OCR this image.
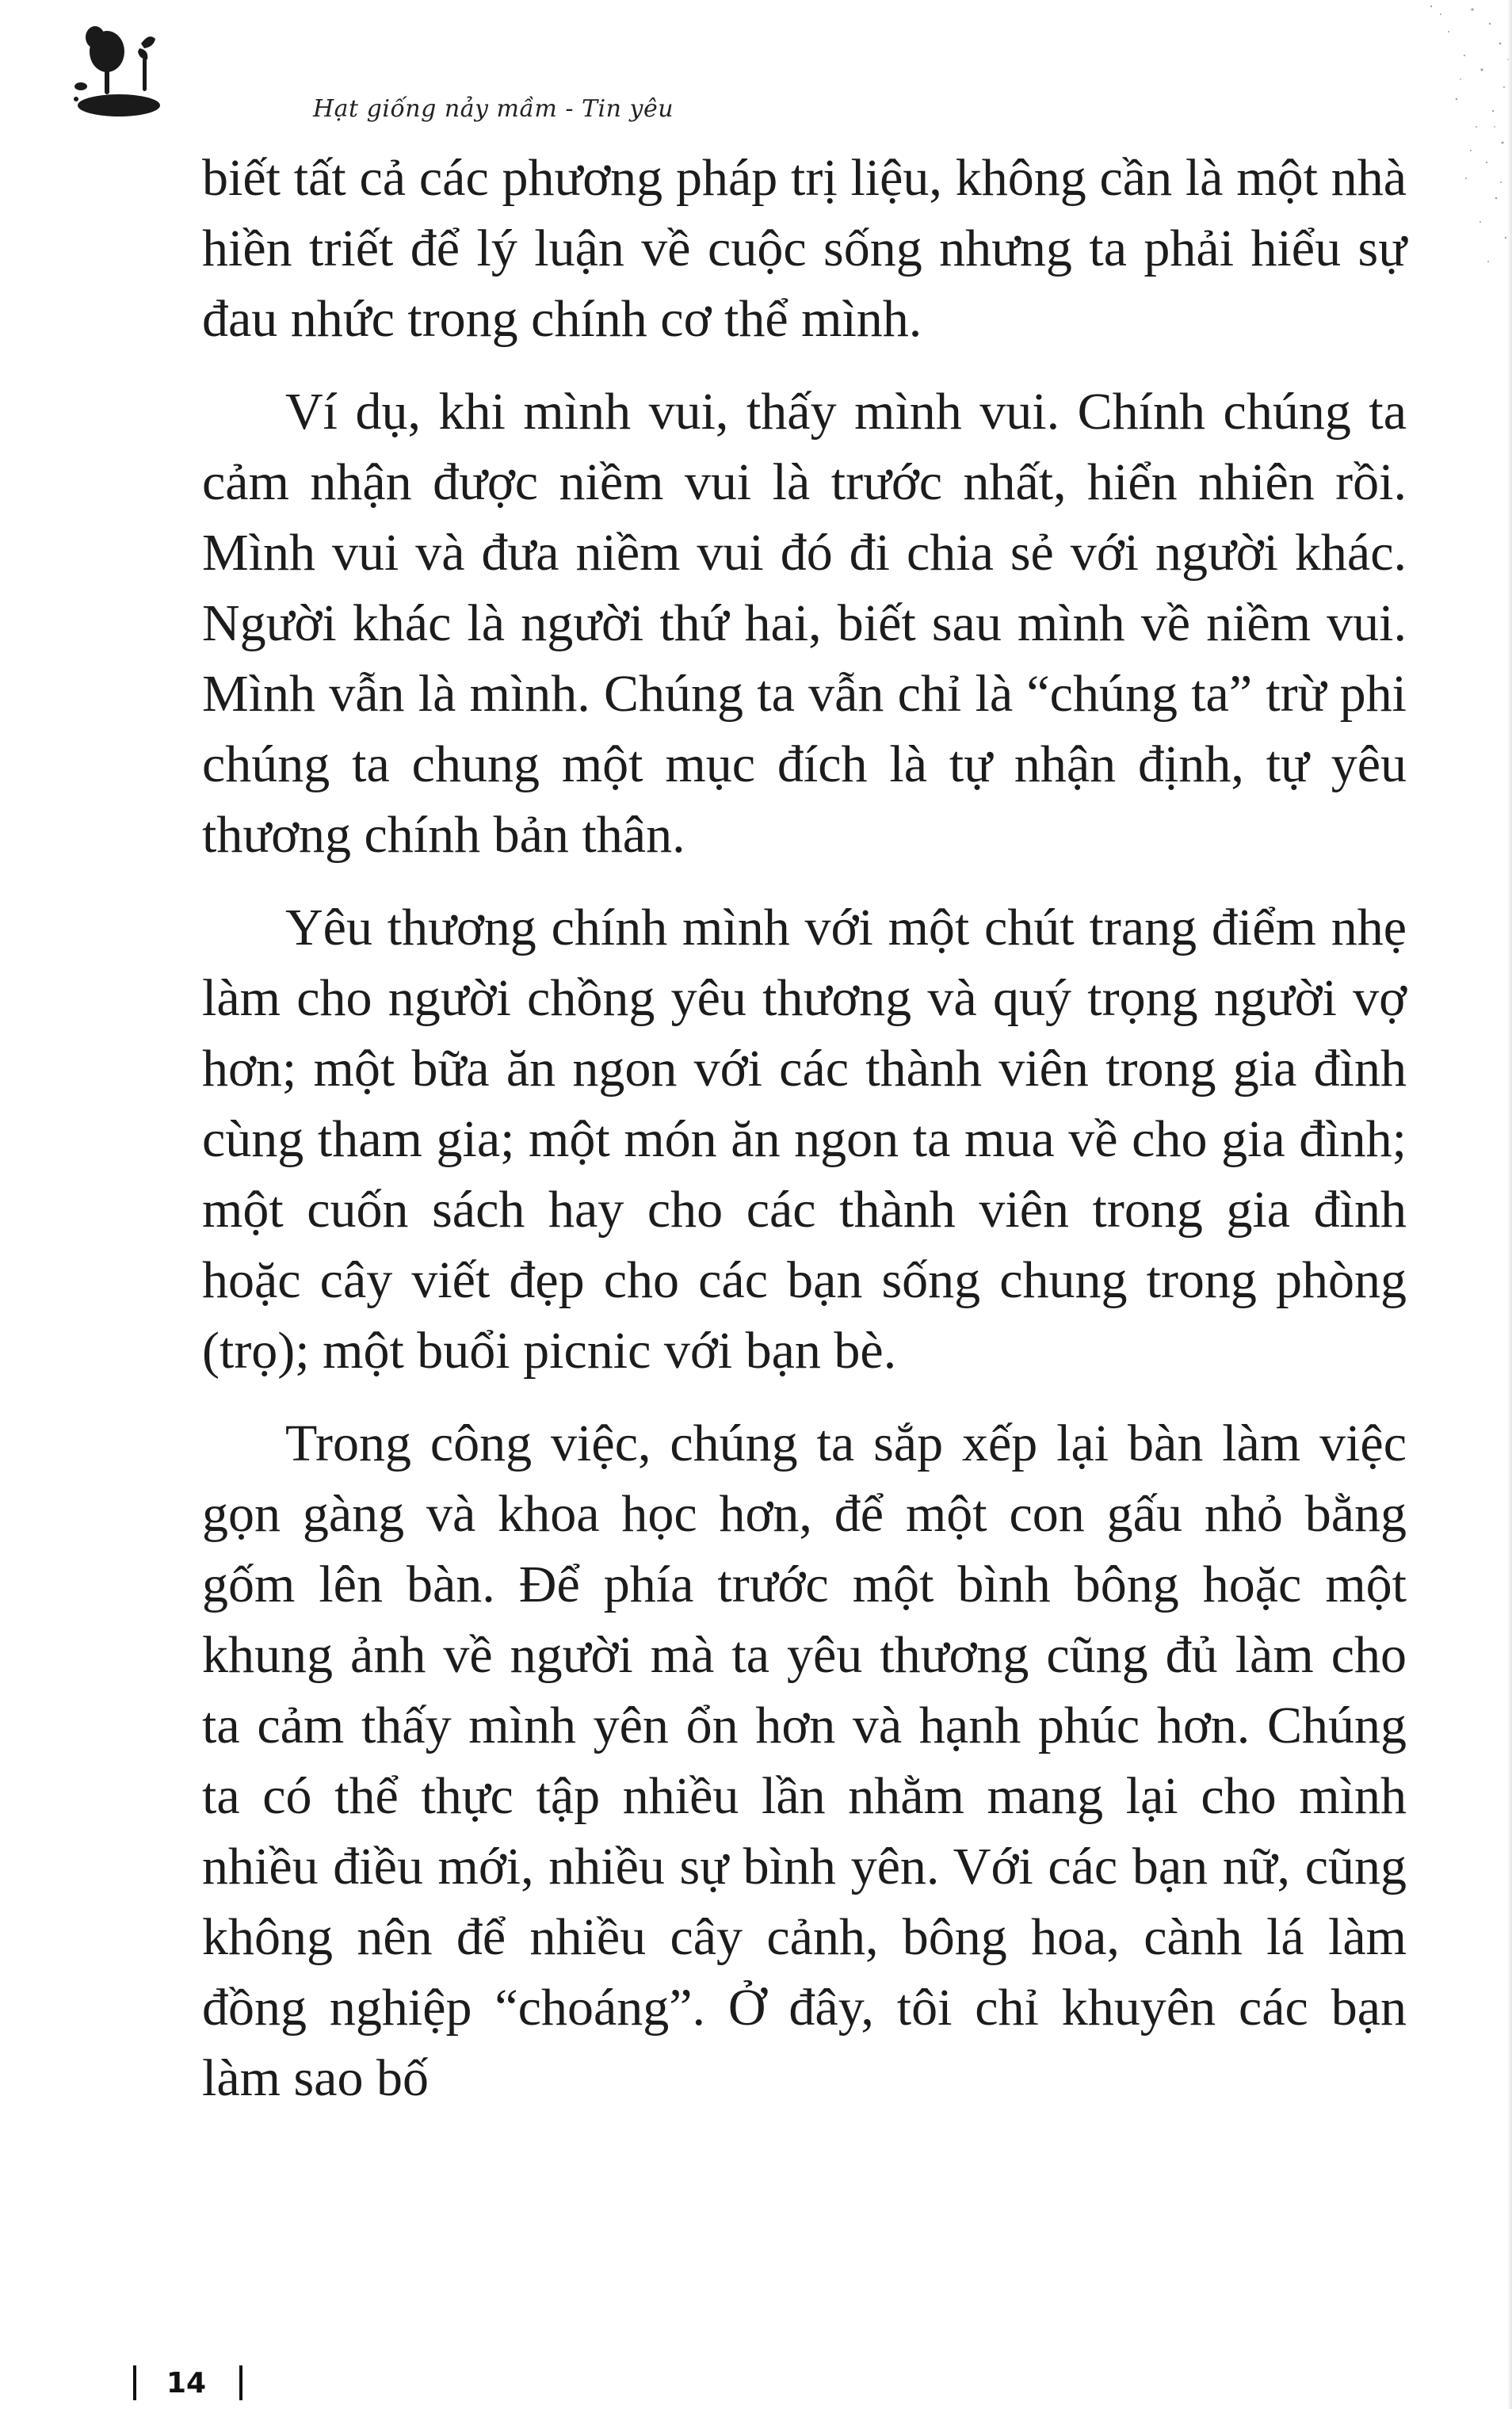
Hạt giống nảy mầm - Tin yêu

biết tất cả các phương pháp trị liệu, không cần là một nhà hiền triết để lý luận về cuộc sống nhưng ta phải hiểu sự đau nhức trong chính cơ thể mình.

Ví dụ, khi mình vui, thấy mình vui. Chính chúng ta cảm nhận được niềm vui là trước nhất, hiển nhiên rồi. Mình vui và đưa niềm vui đó đi chia sẻ với người khác. Người khác là người thứ hai, biết sau mình về niềm vui. Mình vẫn là mình. Chúng ta vẫn chỉ là “chúng ta” trừ phi chúng ta chung một mục đích là tự nhận định, tự yêu thương chính bản thân.

Yêu thương chính mình với một chút trang điểm nhẹ làm cho người chồng yêu thương và quý trọng người vợ hơn; một bữa ăn ngon với các thành viên trong gia đình cùng tham gia; một món ăn ngon ta mua về cho gia đình; một cuốn sách hay cho các thành viên trong gia đình hoặc cây viết đẹp cho các bạn sống chung trong phòng (trọ); một buổi picnic với bạn bè.

Trong công việc, chúng ta sắp xếp lại bàn làm việc gọn gàng và khoa học hơn, để một con gấu nhỏ bằng gốm lên bàn. Để phía trước một bình bông hoặc một khung ảnh về người mà ta yêu thương cũng đủ làm cho ta cảm thấy mình yên ổn hơn và hạnh phúc hơn. Chúng ta có thể thực tập nhiều lần nhằm mang lại cho mình nhiều điều mới, nhiều sự bình yên. Với các bạn nữ, cũng không nên để nhiều cây cảnh, bông hoa, cành lá làm đồng nghiệp “choáng”. Ở đây, tôi chỉ khuyên các bạn làm sao bố

14
